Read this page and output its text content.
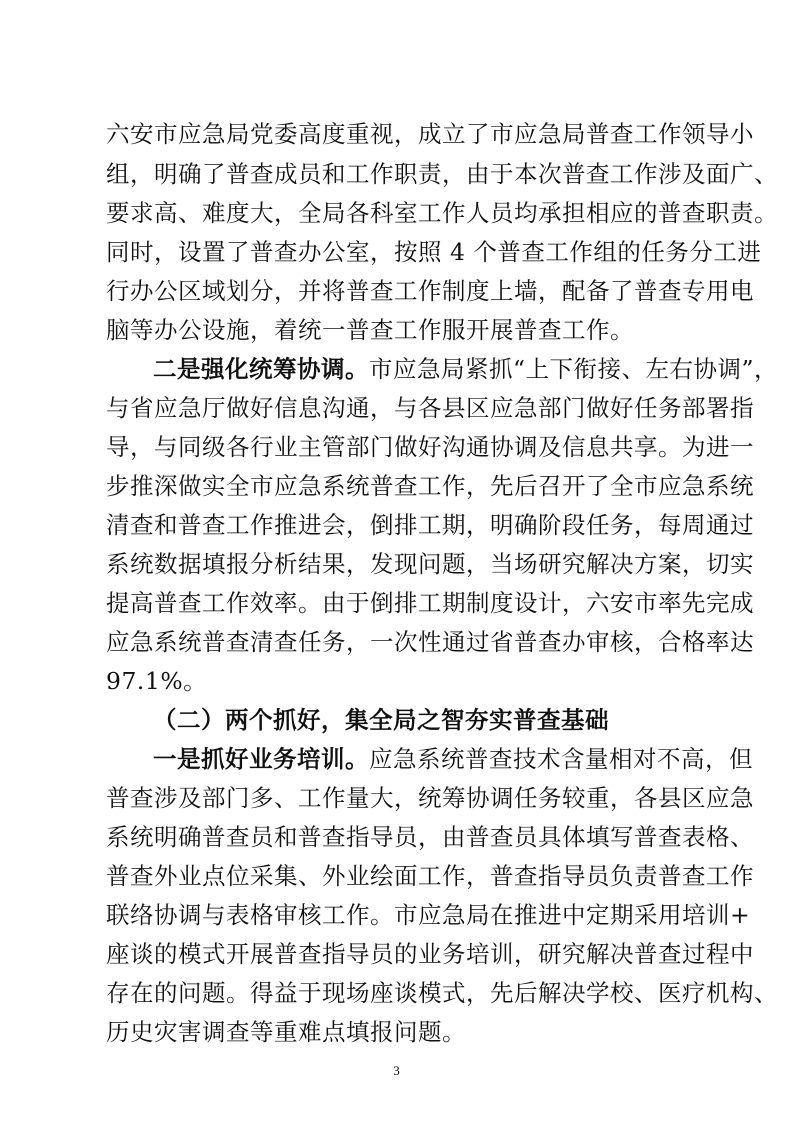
六安市应急局党委高度重视，成立了市应急局普查工作领导小
组，明确了普查成员和工作职责，由于本次普查工作涉及面广、
要求高、难度大，全局各科室工作人员均承担相应的普查职责。
同时，设置了普查办公室，按照 4 个普查工作组的任务分工进
行办公区域划分，并将普查工作制度上墙，配备了普查专用电
脑等办公设施，着统一普查工作服开展普查工作。
二是强化统筹协调。市应急局紧抓“上下衔接、左右协调”，
与省应急厅做好信息沟通，与各县区应急部门做好任务部署指
导，与同级各行业主管部门做好沟通协调及信息共享。为进一
步推深做实全市应急系统普查工作，先后召开了全市应急系统
清查和普查工作推进会，倒排工期，明确阶段任务，每周通过
系统数据填报分析结果，发现问题，当场研究解决方案，切实
提高普查工作效率。由于倒排工期制度设计，六安市率先完成
应急系统普查清查任务，一次性通过省普查办审核，合格率达
97.1%。
（二）两个抓好，集全局之智夯实普查基础
一是抓好业务培训。应急系统普查技术含量相对不高，但
普查涉及部门多、工作量大，统筹协调任务较重，各县区应急
系统明确普查员和普查指导员，由普查员具体填写普查表格、
普查外业点位采集、外业绘面工作，普查指导员负责普查工作
联络协调与表格审核工作。市应急局在推进中定期采用培训+
座谈的模式开展普查指导员的业务培训，研究解决普查过程中
存在的问题。得益于现场座谈模式，先后解决学校、医疗机构、
历史灾害调查等重难点填报问题。
3
